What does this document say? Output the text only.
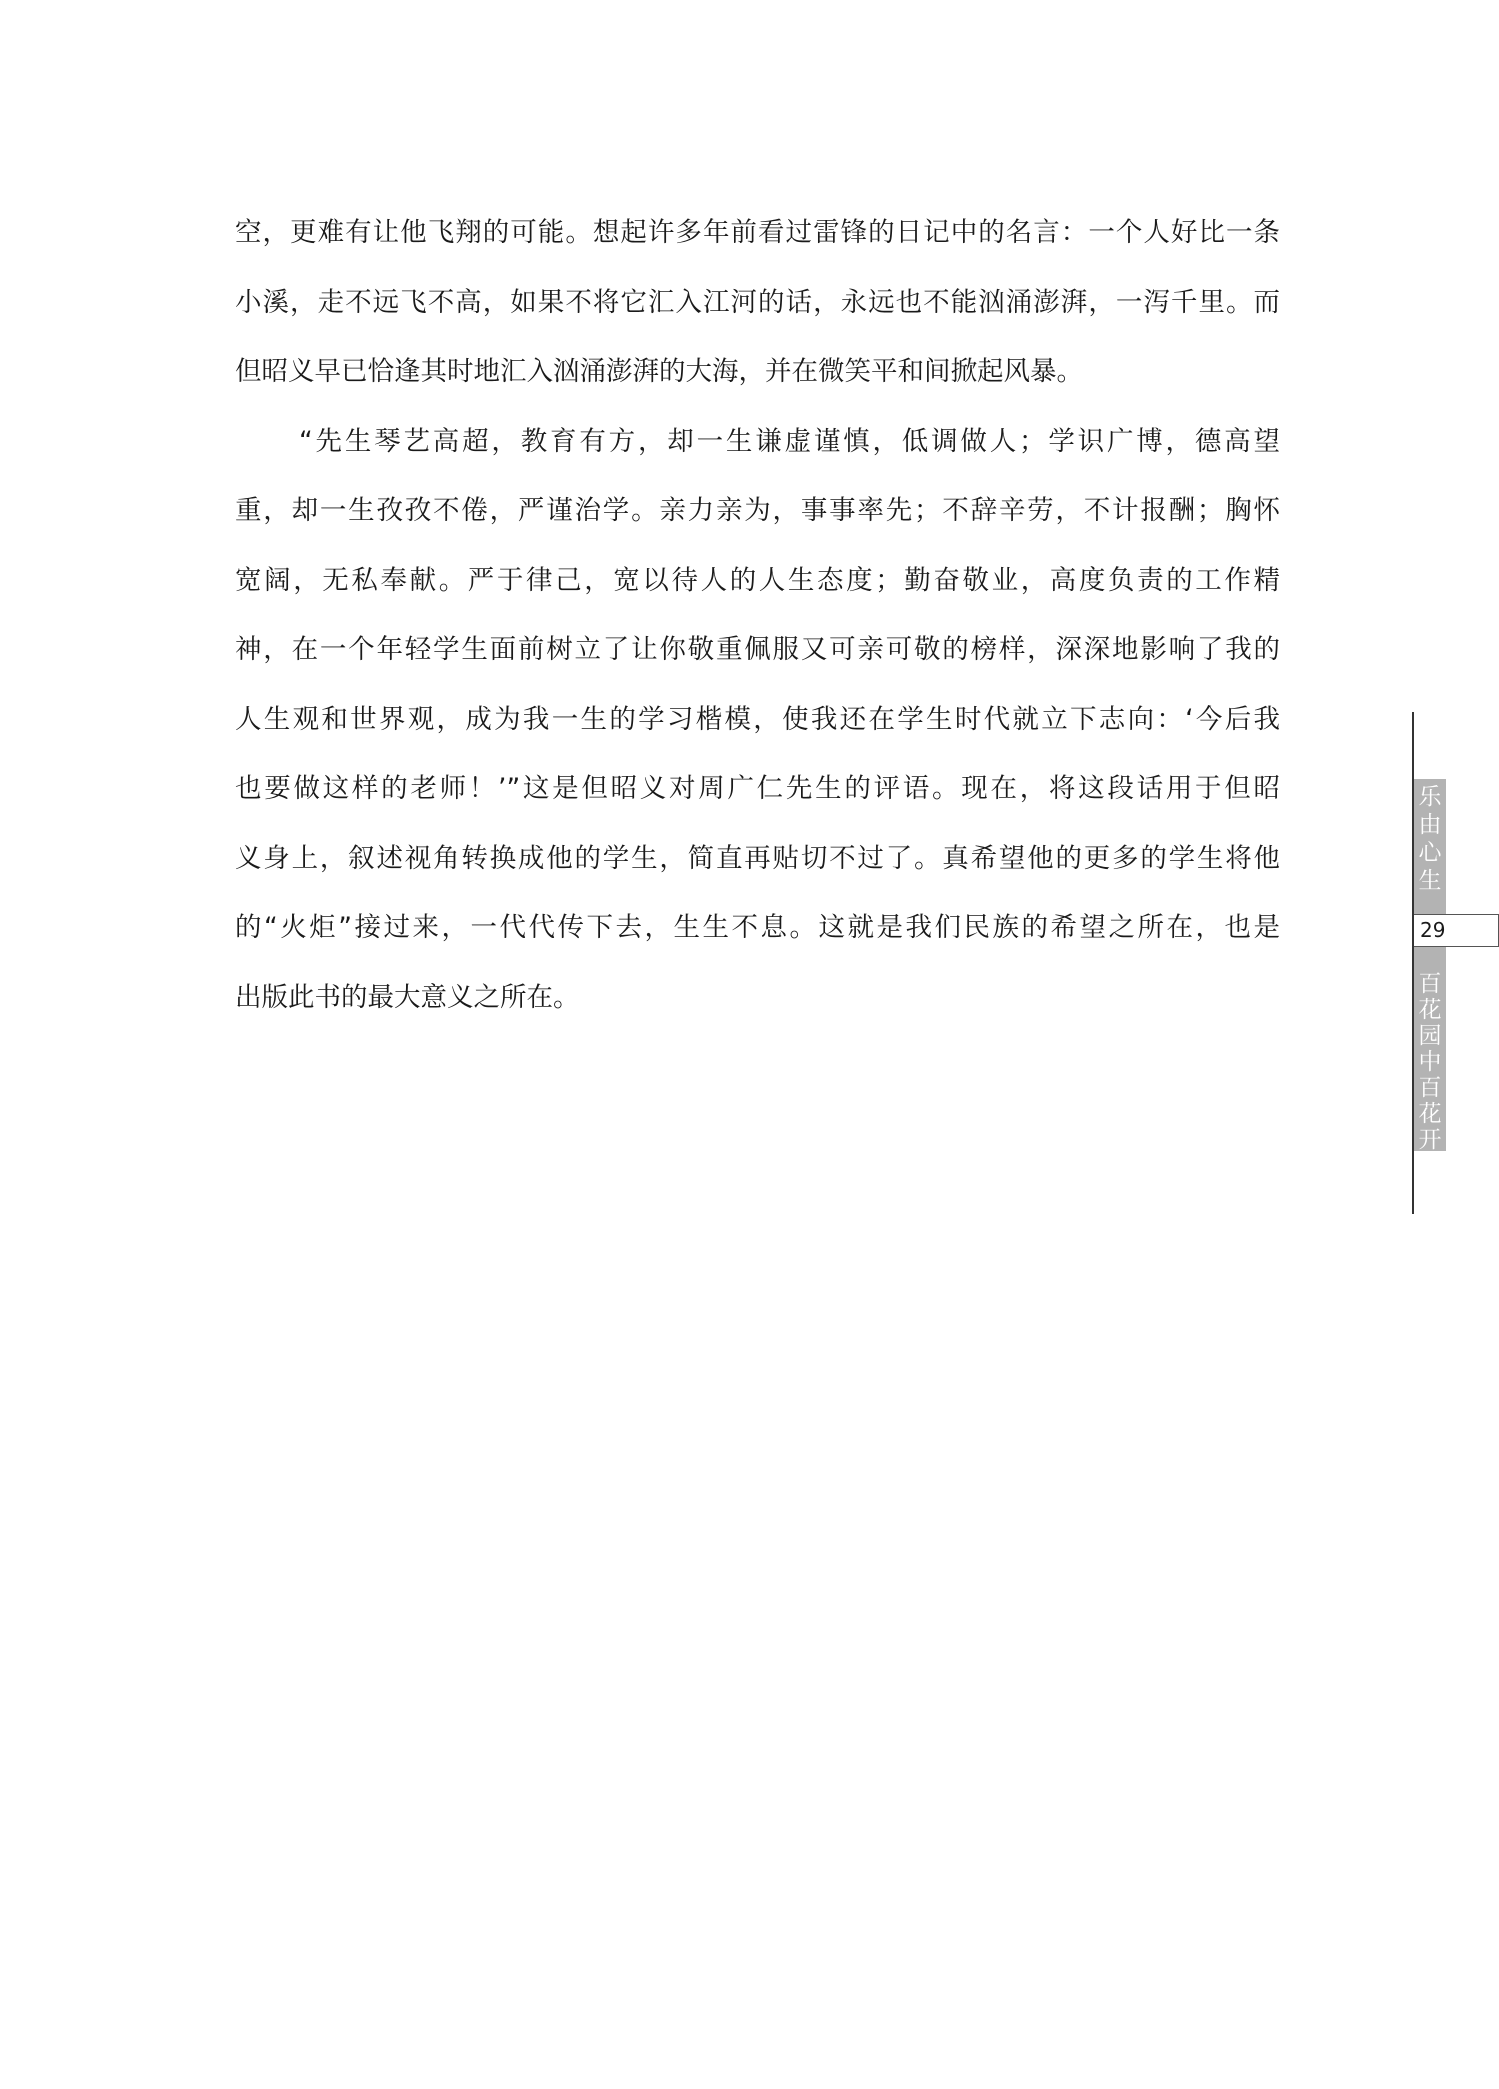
空，更难有让他飞翔的可能。想起许多年前看过雷锋的日记中的名言：一个人好比一条
小溪，走不远飞不高，如果不将它汇入江河的话，永远也不能汹涌澎湃，一泻千里。而
但昭义早已恰逢其时地汇入汹涌澎湃的大海，并在微笑平和间掀起风暴。
“先生琴艺高超，教育有方，却一生谦虚谨慎，低调做人；学识广博，德高望
重，却一生孜孜不倦，严谨治学。亲力亲为，事事率先；不辞辛劳，不计报酬；胸怀
宽阔，无私奉献。严于律己，宽以待人的人生态度；勤奋敬业，高度负责的工作精
神，在一个年轻学生面前树立了让你敬重佩服又可亲可敬的榜样，深深地影响了我的
人生观和世界观，成为我一生的学习楷模，使我还在学生时代就立下志向：‘今后我
也要做这样的老师！’”这是但昭义对周广仁先生的评语。现在，将这段话用于但昭
义身上，叙述视角转换成他的学生，简直再贴切不过了。真希望他的更多的学生将他
的“火炬”接过来，一代代传下去，生生不息。这就是我们民族的希望之所在，也是
出版此书的最大意义之所在。
乐
由
心
生
29
百
花
园
中
百
花
开
